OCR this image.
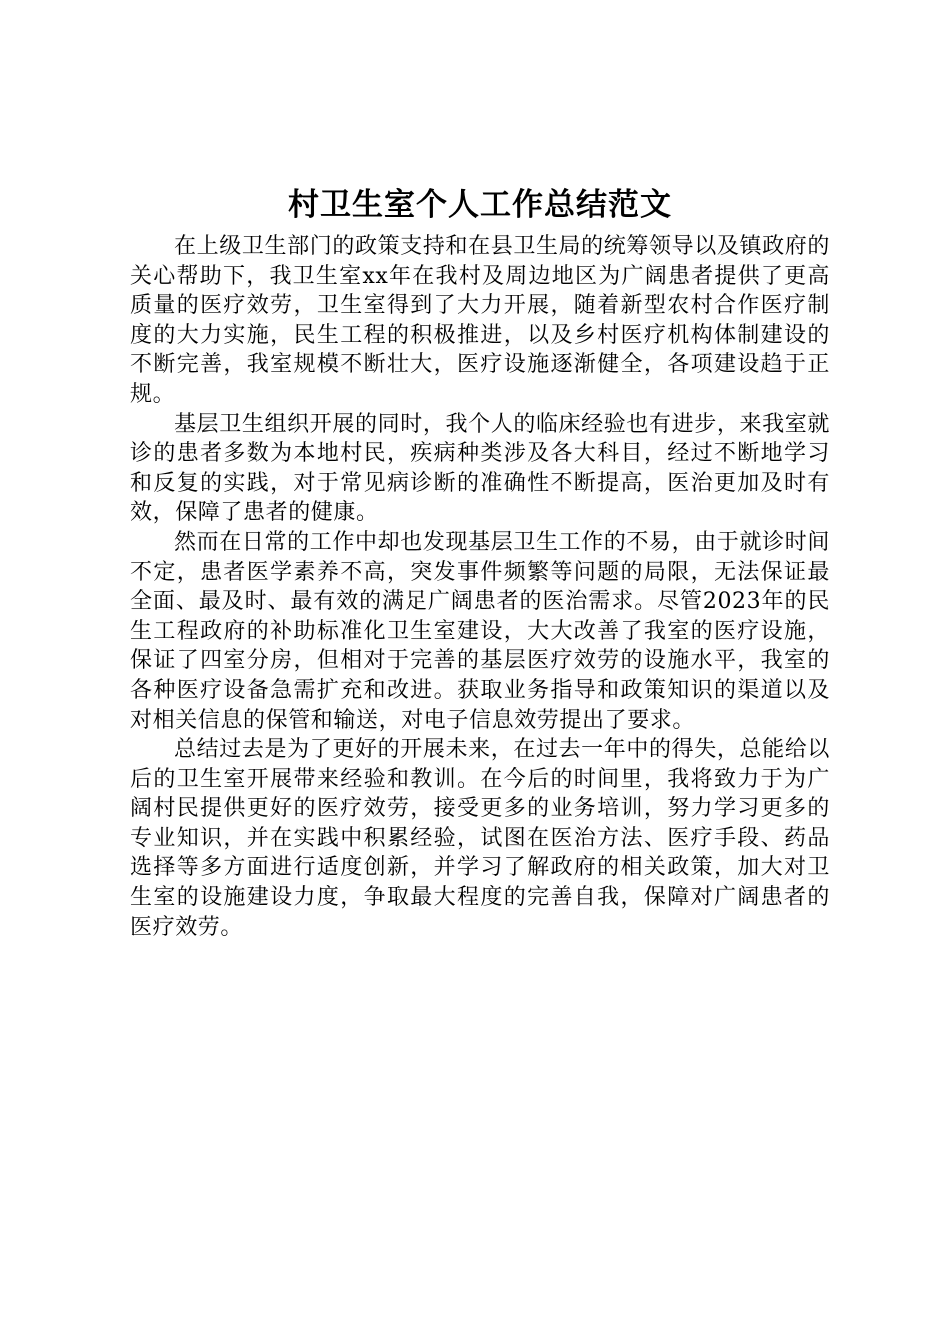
村卫生室个人工作总结范文

在上级卫生部门的政策支持和在县卫生局的统筹领导以及镇政府的关心帮助下，我卫生室xx年在我村及周边地区为广阔患者提供了更高质量的医疗效劳，卫生室得到了大力开展，随着新型农村合作医疗制度的大力实施，民生工程的积极推进，以及乡村医疗机构体制建设的不断完善，我室规模不断壮大，医疗设施逐渐健全，各项建设趋于正规。

基层卫生组织开展的同时，我个人的临床经验也有进步，来我室就诊的患者多数为本地村民，疾病种类涉及各大科目，经过不断地学习和反复的实践，对于常见病诊断的准确性不断提高，医治更加及时有效，保障了患者的健康。

然而在日常的工作中却也发现基层卫生工作的不易，由于就诊时间不定，患者医学素养不高，突发事件频繁等问题的局限，无法保证最全面、最及时、最有效的满足广阔患者的医治需求。尽管2023年的民生工程政府的补助标准化卫生室建设，大大改善了我室的医疗设施，保证了四室分房，但相对于完善的基层医疗效劳的设施水平，我室的各种医疗设备急需扩充和改进。获取业务指导和政策知识的渠道以及对相关信息的保管和输送，对电子信息效劳提出了要求。

总结过去是为了更好的开展未来，在过去一年中的得失，总能给以后的卫生室开展带来经验和教训。在今后的时间里，我将致力于为广阔村民提供更好的医疗效劳，接受更多的业务培训，努力学习更多的专业知识，并在实践中积累经验，试图在医治方法、医疗手段、药品选择等多方面进行适度创新，并学习了解政府的相关政策，加大对卫生室的设施建设力度，争取最大程度的完善自我，保障对广阔患者的医疗效劳。
